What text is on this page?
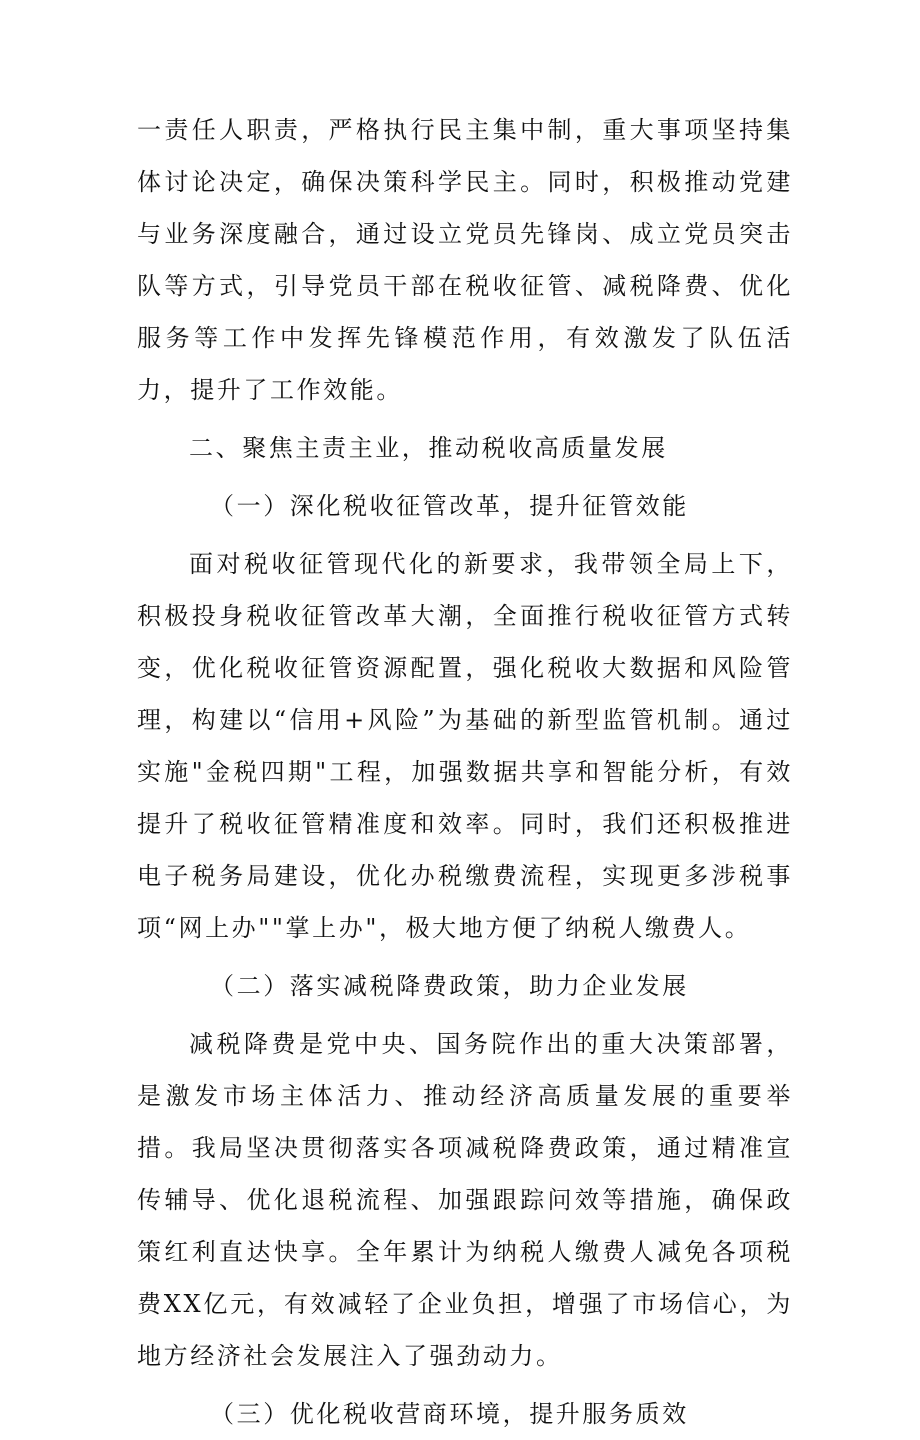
一责任人职责，严格执行民主集中制，重大事项坚持集体讨论决定，确保决策科学民主。同时，积极推动党建与业务深度融合，通过设立党员先锋岗、成立党员突击队等方式，引导党员干部在税收征管、减税降费、优化服务等工作中发挥先锋模范作用，有效激发了队伍活力，提升了工作效能。

二、聚焦主责主业，推动税收高质量发展

（一）深化税收征管改革，提升征管效能

面对税收征管现代化的新要求，我带领全局上下，积极投身税收征管改革大潮，全面推行税收征管方式转变，优化税收征管资源配置，强化税收大数据和风险管理，构建以“信用+风险”为基础的新型监管机制。通过实施"金税四期"工程，加强数据共享和智能分析，有效提升了税收征管精准度和效率。同时，我们还积极推进电子税务局建设，优化办税缴费流程，实现更多涉税事项“网上办""掌上办"，极大地方便了纳税人缴费人。

（二）落实减税降费政策，助力企业发展

减税降费是党中央、国务院作出的重大决策部署，是激发市场主体活力、推动经济高质量发展的重要举措。我局坚决贯彻落实各项减税降费政策，通过精准宣传辅导、优化退税流程、加强跟踪问效等措施，确保政策红利直达快享。全年累计为纳税人缴费人减免各项税费XX亿元，有效减轻了企业负担，增强了市场信心，为地方经济社会发展注入了强劲动力。

（三）优化税收营商环境，提升服务质效
